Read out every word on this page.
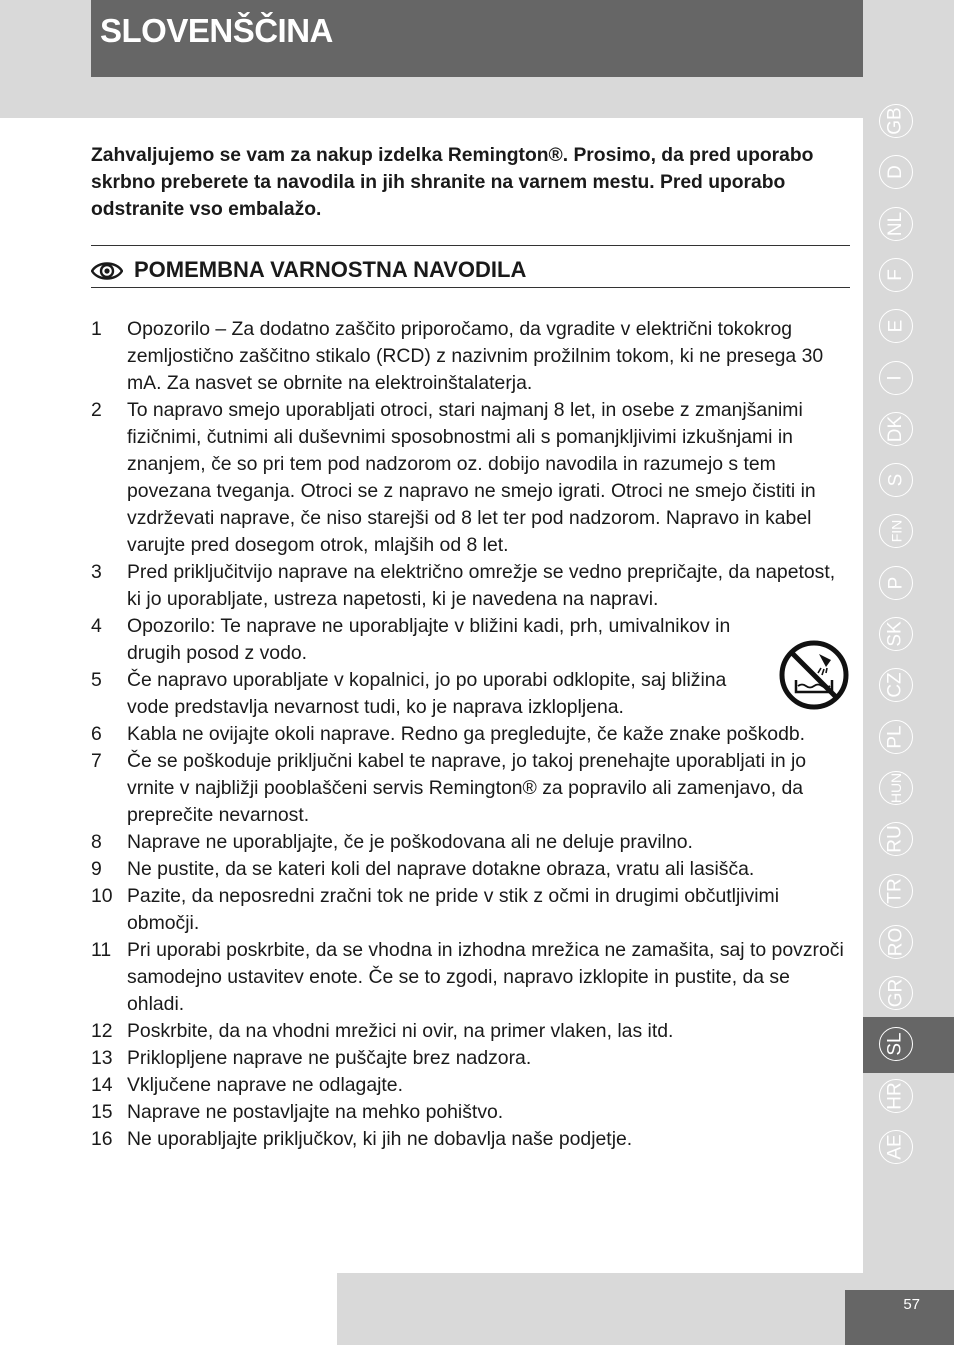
SLOVENŠČINA

Zahvaljujemo se vam za nakup izdelka Remington®. Prosimo, da pred uporabo skrbno preberete ta navodila in jih shranite na varnem mestu. Pred uporabo odstranite vso embalažo.

POMEMBNA VARNOSTNA NAVODILA
1 Opozorilo – Za dodatno zaščito priporočamo, da vgradite v električni tokokrog zemljostično zaščitno stikalo (RCD) z nazivnim prožilnim tokom, ki ne presega 30 mA. Za nasvet se obrnite na elektroinštalaterja.
2 To napravo smejo uporabljati otroci, stari najmanj 8 let, in osebe z zmanjšanimi fizičnimi, čutnimi ali duševnimi sposobnostmi ali s pomanjkljivimi izkušnjami in znanjem, če so pri tem pod nadzorom oz. dobijo navodila in razumejo s tem povezana tveganja. Otroci se z napravo ne smejo igrati. Otroci ne smejo čistiti in vzdrževati naprave, če niso starejši od 8 let ter pod nadzorom. Napravo in kabel varujte pred dosegom otrok, mlajših od 8 let.
3 Pred priključitvijo naprave na električno omrežje se vedno prepričajte, da napetost, ki jo uporabljate, ustreza napetosti, ki je navedena na napravi.
4 Opozorilo: Te naprave ne uporabljajte v bližini kadi, prh, umivalnikov in drugih posod z vodo.
5 Če napravo uporabljate v kopalnici, jo po uporabi odklopite, saj bližina vode predstavlja nevarnost tudi, ko je naprava izklopljena.
6 Kabla ne ovijajte okoli naprave. Redno ga pregledujte, če kaže znake poškodb.
7 Če se poškoduje priključni kabel te naprave, jo takoj prenehajte uporabljati in jo vrnite v najbližji pooblaščeni servis Remington® za popravilo ali zamenjavo, da preprečite nevarnost.
8 Naprave ne uporabljajte, če je poškodovana ali ne deluje pravilno.
9 Ne pustite, da se kateri koli del naprave dotakne obraza, vratu ali lasišča.
10 Pazite, da neposredni zračni tok ne pride v stik z očmi in drugimi občutljivimi območji.
11 Pri uporabi poskrbite, da se vhodna in izhodna mrežica ne zamašita, saj to povzroči samodejno ustavitev enote. Če se to zgodi, napravo izklopite in pustite, da se ohladi.
12 Poskrbite, da na vhodni mrežici ni ovir, na primer vlaken, las itd.
13 Priklopljene naprave ne puščajte brez nadzora.
14 Vključene naprave ne odlagajte.
15 Naprave ne postavljajte na mehko pohištvo.
16 Ne uporabljajte priključkov, ki jih ne dobavlja naše podjetje.
GB
D
NL
F
E
I
DK
S
FIN
P
SK
CZ
PL
HUN
RU
TR
RO
GR
SL
HR
AE
57
